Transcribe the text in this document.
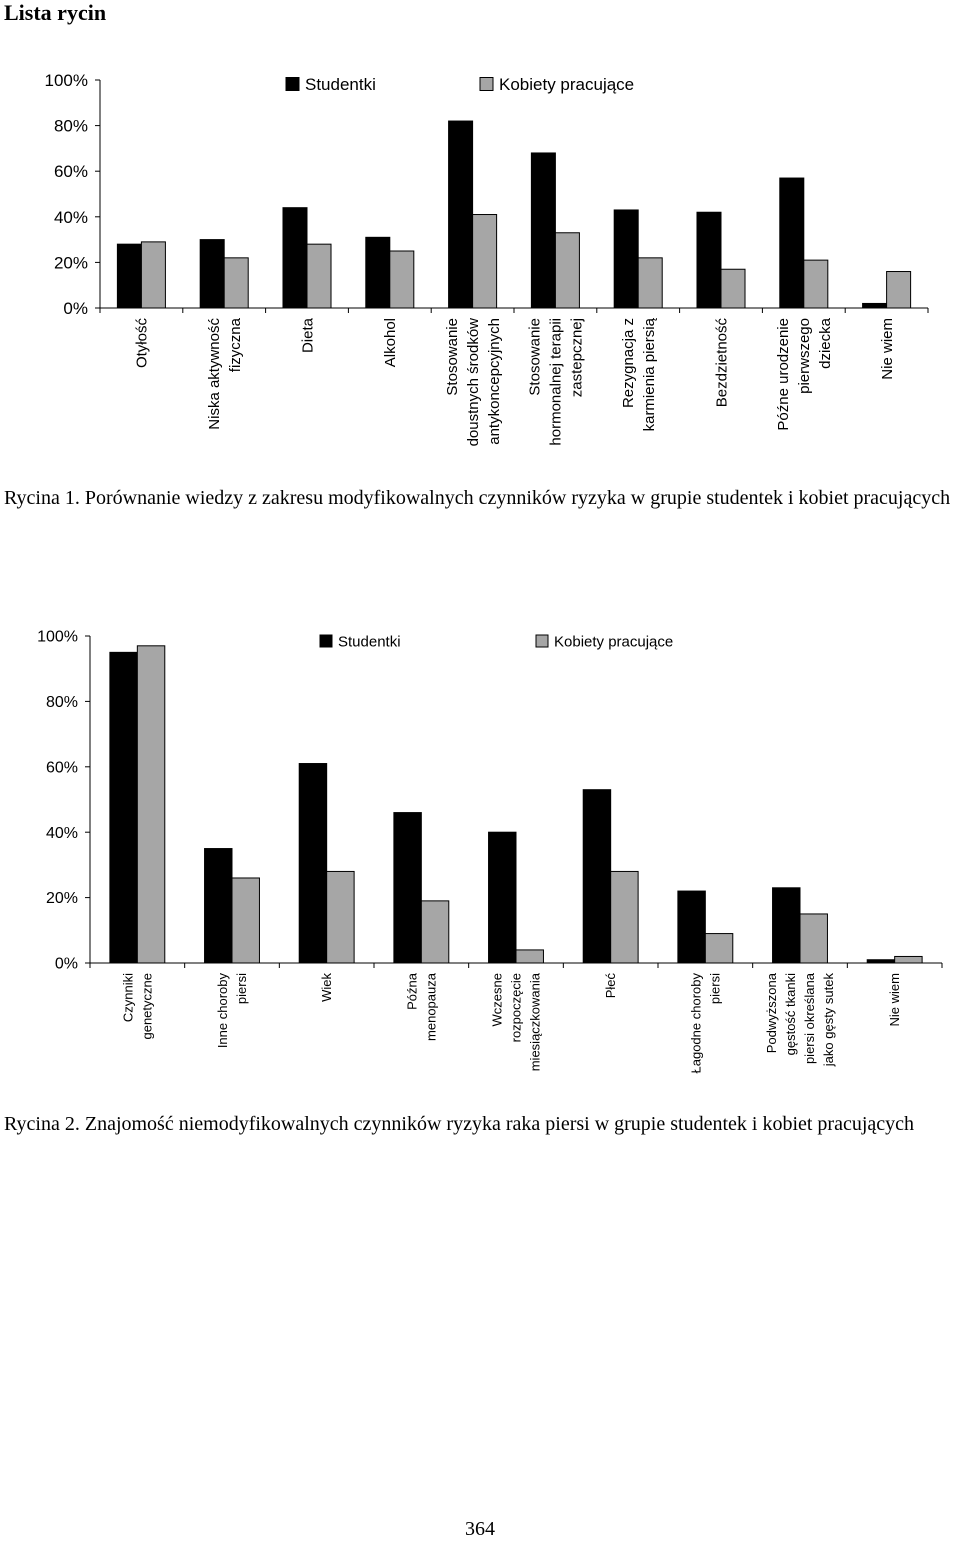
Lista rycin
0%
20%
40%
60%
80%
100%
Otyłość	Niska aktywność fizyczna	Dieta	Alkohol	Stosowanie doustnych środków antykoncepcyjnych Stosowanie hormonalnej terapii zastepcznej Rezygnacja z karmienia piersią	Bezdzietność	Późne urodzenie pierwszego dziecka	Nie wiem
Studentki	Kobiety pracujące

Rycina 1. Porównanie wiedzy z zakresu modyfikowalnych czynników ryzyka w grupie studentek i kobiet pracujących

0%
20%
40%
60%
80%
100%
Czynniki genetyczne	Inne choroby piersi	Wiek	Późna menopauza	Wczesne rozpoczęcie miesiączkowania	Płeć	Łagodne choroby piersi	Podwyższona gęstość tkanki piersi określana jako gęsty sutek	Nie wiem
Studentki	Kobiety pracujące

Rycina 2. Znajomość niemodyfikowalnych czynników ryzyka raka piersi w grupie studentek i kobiet pracujących

364
